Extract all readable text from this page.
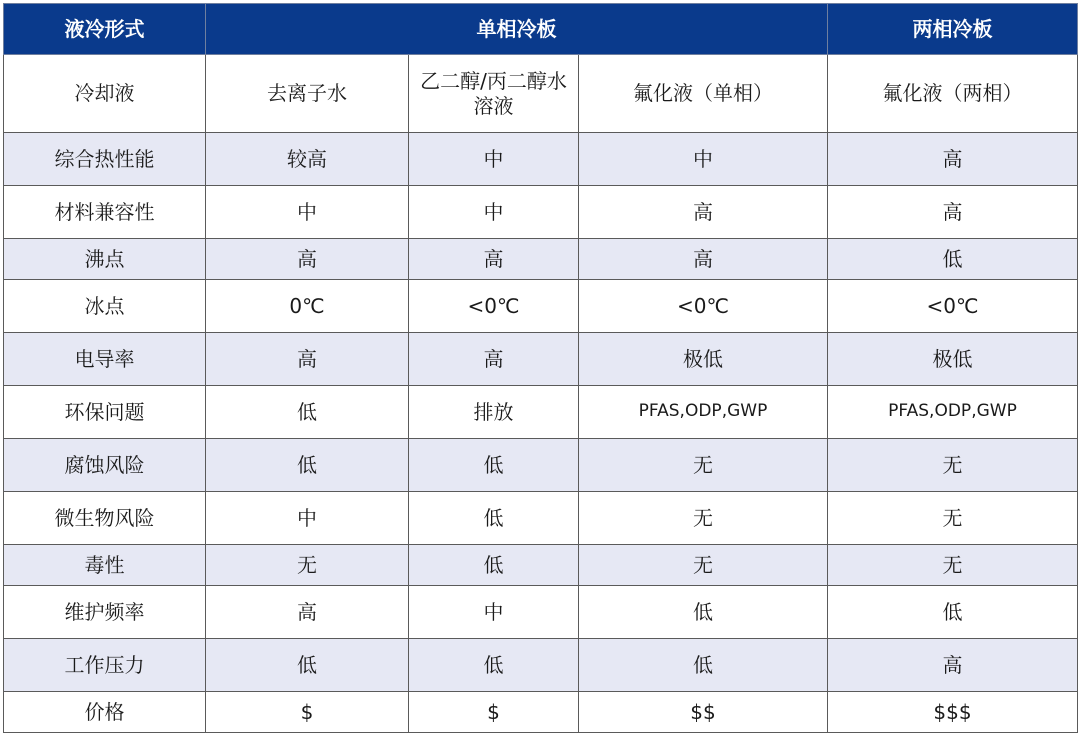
液冷形式	单相冷板			两相冷板
冷却液	去离子水	乙二醇/丙二醇水溶液	氟化液（单相）	氟化液（两相）
综合热性能	较高	中	中	高
材料兼容性	中	中	高	高
沸点	高	高	高	低
冰点	0℃	<0℃	<0℃	<0℃
电导率	高	高	极低	极低
环保问题	低	排放	PFAS,ODP,GWP	PFAS,ODP,GWP
腐蚀风险	低	低	无	无
微生物风险	中	低	无	无
毒性	无	低	无	无
维护频率	高	中	低	低
工作压力	低	低	低	高
价格	$	$	$$	$$$
